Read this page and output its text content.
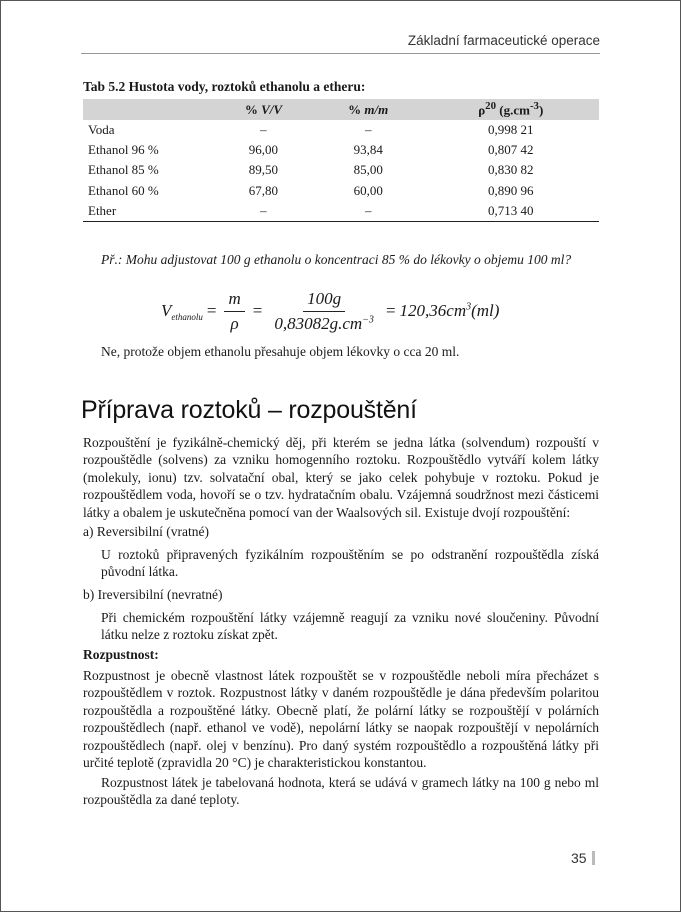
Základní farmaceutické operace
Tab 5.2 Hustota vody, roztoků ethanolu a etheru:
	% V/V	% m/m	$\rho^{20}$ $(g.cm^{-3})$
Voda	–	–	0,998 21
Ethanol 96 %	96,00	93,84	0,807 42
Ethanol 85 %	89,50	85,00	0,830 82
Ethanol 60 %	67,80	60,00	0,890 96
Ether	–	–	0,713 40
Př.: Mohu adjustovat 100 g ethanolu o koncentraci 85 % do lékovky o objemu 100 ml?
$V_{ethanolu} = \frac{m}{\rho} = \frac{100g}{0,83082g.cm^{-3}} = 120,36cm^3(ml)$
Ne, protože objem ethanolu přesahuje objem lékovky o cca 20 ml.
Příprava roztoků – rozpouštění
Rozpouštění je fyzikálně-chemický děj, při kterém se jedna látka (solvendum) rozpouští v rozpouštědle (solvens) za vzniku homogenního roztoku. Rozpouštědlo vytváří kolem látky (molekuly, ionu) tzv. solvatační obal, který se jako celek pohybuje v roztoku. Pokud je rozpouštědlem voda, hovoří se o tzv. hydratačním obalu. Vzájemná soudržnost mezi částicemi látky a obalem je uskutečněna pomocí van der Waalsových sil. Existuje dvojí rozpouštění:
a) Reversibilní (vratné)
U roztoků připravených fyzikálním rozpouštěním se po odstranění rozpouštědla získá původní látka.
b) Ireversibilní (nevratné)
Při chemickém rozpouštění látky vzájemně reagují za vzniku nové sloučeniny. Původní látku nelze z roztoku získat zpět.
Rozpustnost:
Rozpustnost je obecně vlastnost látek rozpouštět se v rozpouštědle neboli míra přecházet s rozpouštědlem v roztok. Rozpustnost látky v daném rozpouštědle je dána především polaritou rozpouštědla a rozpouštěné látky. Obecně platí, že polární látky se rozpouštějí v polárních rozpouštědlech (např. ethanol ve vodě), nepolární látky se naopak rozpouštějí v nepolárních rozpouštědlech (např. olej v benzínu). Pro daný systém rozpouštědlo a rozpouštěná látky při určité teplotě (zpravidla 20 °C) je charakteristickou konstantou.
Rozpustnost látek je tabelovaná hodnota, která se udává v gramech látky na 100 g nebo ml rozpouštědla za dané teploty.
35
